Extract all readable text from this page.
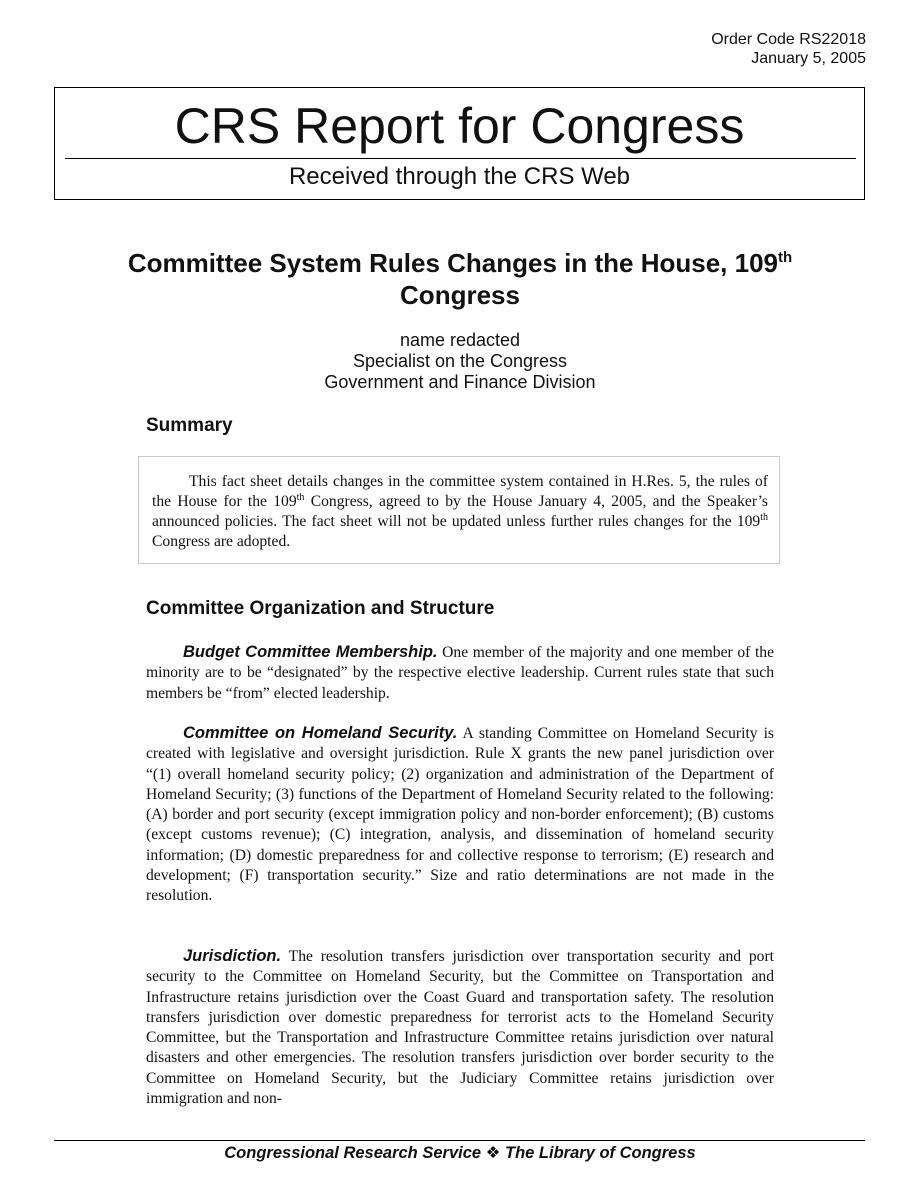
Order Code RS22018
January 5, 2005
CRS Report for Congress
Received through the CRS Web
Committee System Rules Changes in the House, 109th Congress
name redacted
Specialist on the Congress
Government and Finance Division
Summary

This fact sheet details changes in the committee system contained in H.Res. 5, the rules of the House for the 109th Congress, agreed to by the House January 4, 2005, and the Speaker’s announced policies. The fact sheet will not be updated unless further rules changes for the 109th Congress are adopted.

Committee Organization and Structure

Budget Committee Membership. One member of the majority and one member of the minority are to be “designated” by the respective elective leadership. Current rules state that such members be “from” elected leadership.

Committee on Homeland Security. A standing Committee on Homeland Security is created with legislative and oversight jurisdiction. Rule X grants the new panel jurisdiction over “(1) overall homeland security policy; (2) organization and administration of the Department of Homeland Security; (3) functions of the Department of Homeland Security related to the following: (A) border and port security (except immigration policy and non-border enforcement); (B) customs (except customs revenue); (C) integration, analysis, and dissemination of homeland security information; (D) domestic preparedness for and collective response to terrorism; (E) research and development; (F) transportation security.” Size and ratio determinations are not made in the resolution.

Jurisdiction. The resolution transfers jurisdiction over transportation security and port security to the Committee on Homeland Security, but the Committee on Transportation and Infrastructure retains jurisdiction over the Coast Guard and transportation safety. The resolution transfers jurisdiction over domestic preparedness for terrorist acts to the Homeland Security Committee, but the Transportation and Infrastructure Committee retains jurisdiction over natural disasters and other emergencies. The resolution transfers jurisdiction over border security to the Committee on Homeland Security, but the Judiciary Committee retains jurisdiction over immigration and non-

Congressional Research Service ❖ The Library of Congress
